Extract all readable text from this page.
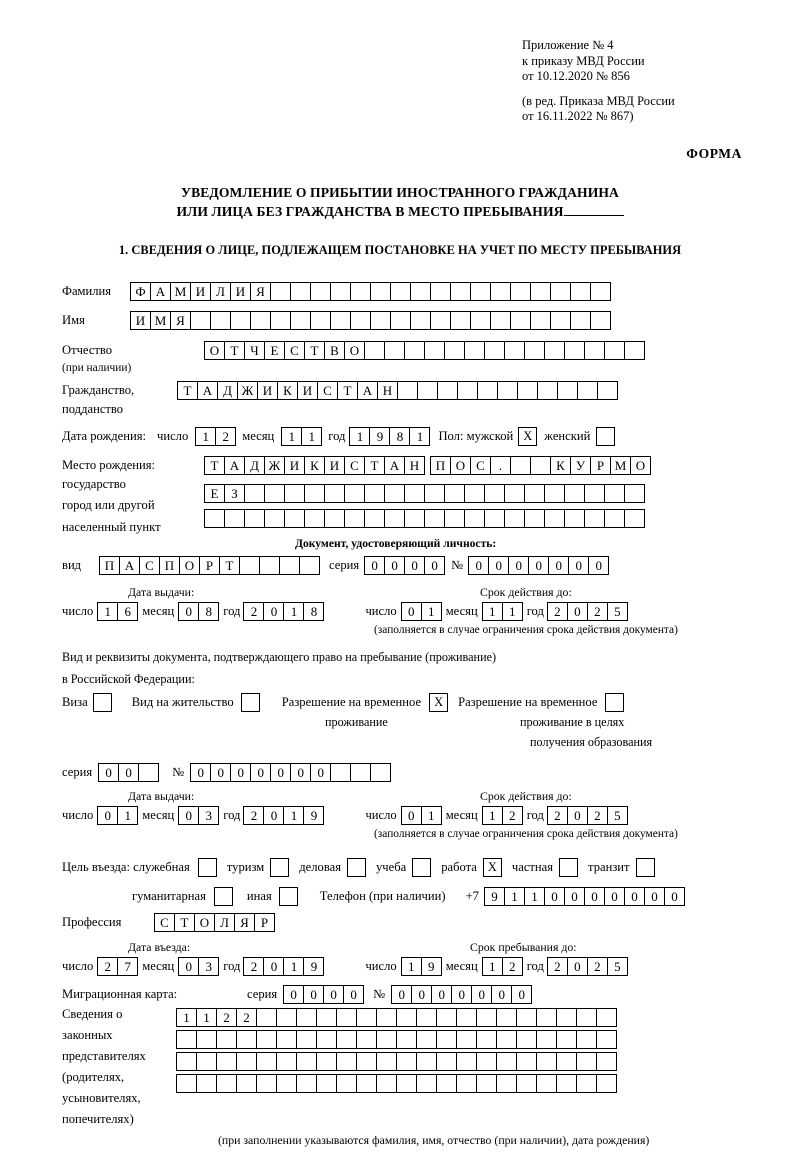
Приложение № 4
к приказу МВД России
от 10.12.2020 № 856
(в ред. Приказа МВД России
от 16.11.2022 № 867)
ФОРМА
УВЕДОМЛЕНИЕ О ПРИБЫТИИ ИНОСТРАННОГО ГРАЖДАНИНА
ИЛИ ЛИЦА БЕЗ ГРАЖДАНСТВА В МЕСТО ПРЕБЫВАНИЯ
1. СВЕДЕНИЯ О ЛИЦЕ, ПОДЛЕЖАЩЕМ ПОСТАНОВКЕ НА УЧЕТ ПО МЕСТУ ПРЕБЫВАНИЯ
Фамилия	Ф А М И Л И Я
Имя	И М Я
Отчество	О Т Ч Е С Т В О
(при наличии)
Гражданство,	Т А Д Ж И К И С Т А Н
подданство
Дата рождения: число	1	2	месяц	1	1	год 1	9	8	1	Пол: мужской X женский
Место рождения:	Т А Д Ж И К И С Т А Н	П О С	.	К У Р М О
государство
Е З
город или другой
населенный пункт
Документ, удостоверяющий личность:
вид	П А С П О Р Т	серия 0	0	0	0	№ 0	0	0	0	0	0	0
Дата выдачи:	Срок действия до:
число 1	6 месяц 0	8 год 2	0	1	8	число 0	1 месяц 1	1 год 2	0	2	5
(заполняется в случае ограничения срока действия документа)
Вид и реквизиты документа, подтверждающего право на пребывание (проживание)
в Российской Федерации:
Виза	Вид на жительство	Разрешение на временное	X	Разрешение на временное
проживание	проживание в целях
получения образования
серия	0	0	№	0	0	0	0	0	0	0
Дата выдачи:	Срок действия до:
число 0	1 месяц 0	3 год 2	0	1	9	число 0	1 месяц 1	2 год 2	0	2	5
(заполняется в случае ограничения срока действия документа)
Цель въезда: служебная	туризм	деловая	учеба	работа X	частная	транзит
гуманитарная	иная	Телефон (при наличии) +7 9	1	1	0	0	0	0	0	0	0
Профессия	С Т О Л Я Р
Дата въезда:	Срок пребывания до:
число 2	7 месяц 0	3 год 2	0	1	9	число 1	9 месяц 1	2 год 2	0	2	5
Миграционная карта:	серия	0	0	0	0	№	0	0	0	0	0	0	0
Сведения о
законных
представителях
(родителях,
усыновителях,
попечителях)
1	1	2	2
(при заполнении указываются фамилия, имя, отчество (при наличии), дата рождения)
